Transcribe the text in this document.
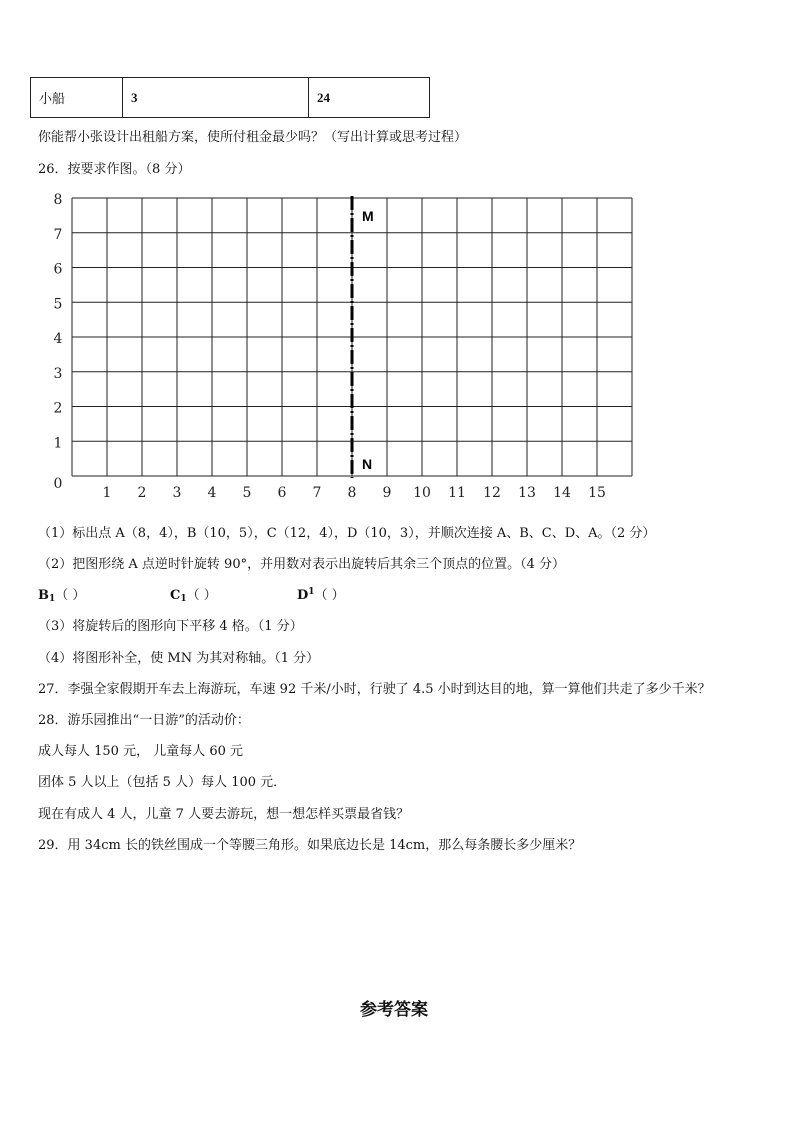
小船	3	24
你能帮小张设计出租船方案，使所付租金最少吗？（写出计算或思考过程）
26．按要求作图。（8 分）
M
N
1 2 3 4 5 6 7 8 9 10 11 12 13 14 15
1
2
3
4
5
6
7
8
0
（1）标出点 A（8，4），B（10，5），C（12，4），D（10，3），并顺次连接 A、B、C、D、A。（2 分）
（2）把图形绕 A 点逆时针旋转 90°，并用数对表示出旋转后其余三个顶点的位置。（4 分）
$B_1$（ ）	$C_1$（ ）	$D^1$（ ）
（3）将旋转后的图形向下平移 4 格。（1 分）
（4）将图形补全，使 MN 为其对称轴。（1 分）
27．李强全家假期开车去上海游玩，车速 92 千米/小时，行驶了 4.5 小时到达目的地，算一算他们共走了多少千米？
28．游乐园推出“一日游”的活动价：
成人每人 150 元， 儿童每人 60 元
团体 5 人以上（包括 5 人）每人 100 元．
现在有成人 4 人，儿童 7 人要去游玩，想一想怎样买票最省钱？
29．用 34cm 长的铁丝围成一个等腰三角形。如果底边长是 14cm，那么每条腰长多少厘米？
参考答案
